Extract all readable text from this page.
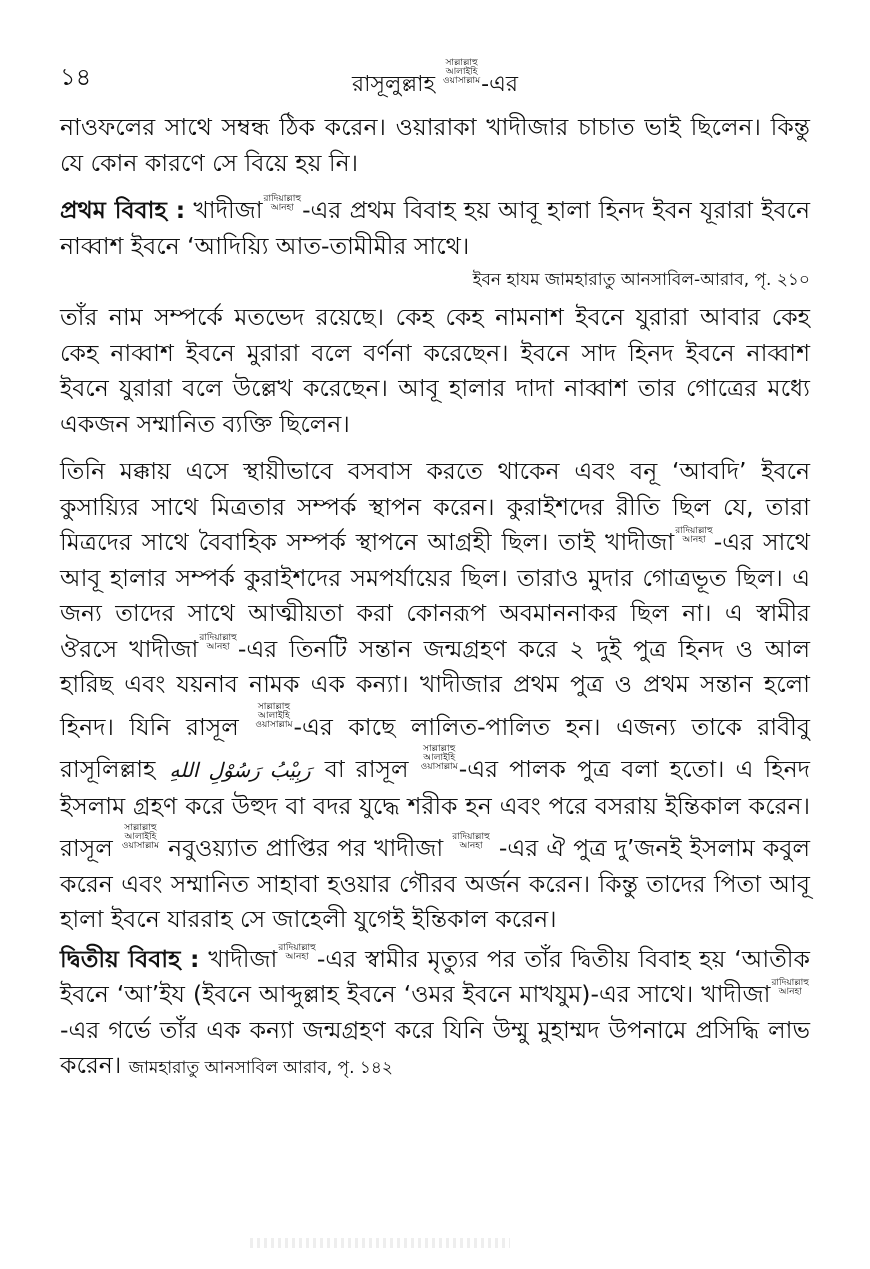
১৪	রাসূলুল্লাহ
সাল্লাল্লাহু
আলাইহি
ওয়াসাল্লাম -এর

নাওফলের সাথে সম্বন্ধ ঠিক করেন। ওয়ারাকা খাদীজার চাচাত ভাই ছিলেন। কিন্তু যে কোন কারণে সে বিয়ে হয় নি।

প্রথম বিবাহ : খাদীজা রাদিয়াল্লাহু
আনহা -এর প্রথম বিবাহ হয় আবূ হালা হিনদ ইবন যূরারা ইবনে নাব্বাশ ইবনে ‘আদিয়্যি আত-তামীমীর সাথে।

ইবন হাযম জামহারাতু আনসাবিল-আরাব, পৃ. ২১০

তাঁর নাম সম্পর্কে মতভেদ রয়েছে। কেহ কেহ নামনাশ ইবনে যুরারা আবার কেহ কেহ নাব্বাশ ইবনে মুরারা বলে বর্ণনা করেছেন। ইবনে সাদ হিনদ ইবনে নাব্বাশ ইবনে যুরারা বলে উল্লেখ করেছেন। আবূ হালার দাদা নাব্বাশ তার গোত্রের মধ্যে একজন সম্মানিত ব্যক্তি ছিলেন।

তিনি মক্কায় এসে স্থায়ীভাবে বসবাস করতে থাকেন এবং বনূ ‘আবদি’ ইবনে কুসায়্যির সাথে মিত্রতার সম্পর্ক স্থাপন করেন। কুরাইশদের রীতি ছিল যে, তারা মিত্রদের সাথে বৈবাহিক সম্পর্ক স্থাপনে আগ্রহী ছিল। তাই খাদীজা রাদিয়াল্লাহু
আনহা -এর সাথে আবূ হালার সম্পর্ক কুরাইশদের সমপর্যায়ের ছিল। তারাও মুদার গোত্রভূত ছিল। এ জন্য তাদের সাথে আত্মীয়তা করা কোনরূপ অবমাননাকর ছিল না। এ স্বামীর ঔরসে খাদীজা রাদিয়াল্লাহু
আনহা -এর তিনটি সন্তান জন্মগ্রহণ করে ২ দুই পুত্র হিনদ ও আল হারিছ এবং যয়নাব নামক এক কন্যা। খাদীজার প্রথম পুত্র ও প্রথম সন্তান হলো হিনদ। যিনি রাসূল
সাল্লাল্লাহু
আলাইহি
ওয়াসাল্লাম -এর কাছে লালিত-পালিত হন। এজন্য তাকে রাবীবু রাসূলিল্লাহ رَبِيْبُ رَسُوْلِ اللهِ বা রাসূল
সাল্লাল্লাহু
আলাইহি
ওয়াসাল্লাম -এর পালক পুত্র বলা হতো। এ হিনদ ইসলাম গ্রহণ করে উহুদ বা বদর যুদ্ধে শরীক হন এবং পরে বসরায় ইন্তিকাল করেন। রাসূল
সাল্লাল্লাহু
আলাইহি
ওয়াসাল্লাম নবুওয়্যাত প্রাপ্তির পর খাদীজা রাদিয়াল্লাহু
আনহা -এর ঐ পুত্র দু’জনই ইসলাম কবুল করেন এবং সম্মানিত সাহাবা হওয়ার গৌরব অর্জন করেন। কিন্তু তাদের পিতা আবূ হালা ইবনে যাররাহ সে জাহেলী যুগেই ইন্তিকাল করেন।

দ্বিতীয় বিবাহ : খাদীজা রাদিয়াল্লাহু
আনহা -এর স্বামীর মৃত্যুর পর তাঁর দ্বিতীয় বিবাহ হয় ‘আতীক ইবনে ‘আ’ইয (ইবনে আব্দুল্লাহ ইবনে ‘ওমর ইবনে মাখযুম)-এর সাথে। খাদীজা রাদিয়াল্লাহু
আনহা
-এর গর্ভে তাঁর এক কন্যা জন্মগ্রহণ করে যিনি উম্মু মুহাম্মদ উপনামে প্রসিদ্ধি লাভ করেন। জামহারাতু আনসাবিল আরাব, পৃ. ১৪২
